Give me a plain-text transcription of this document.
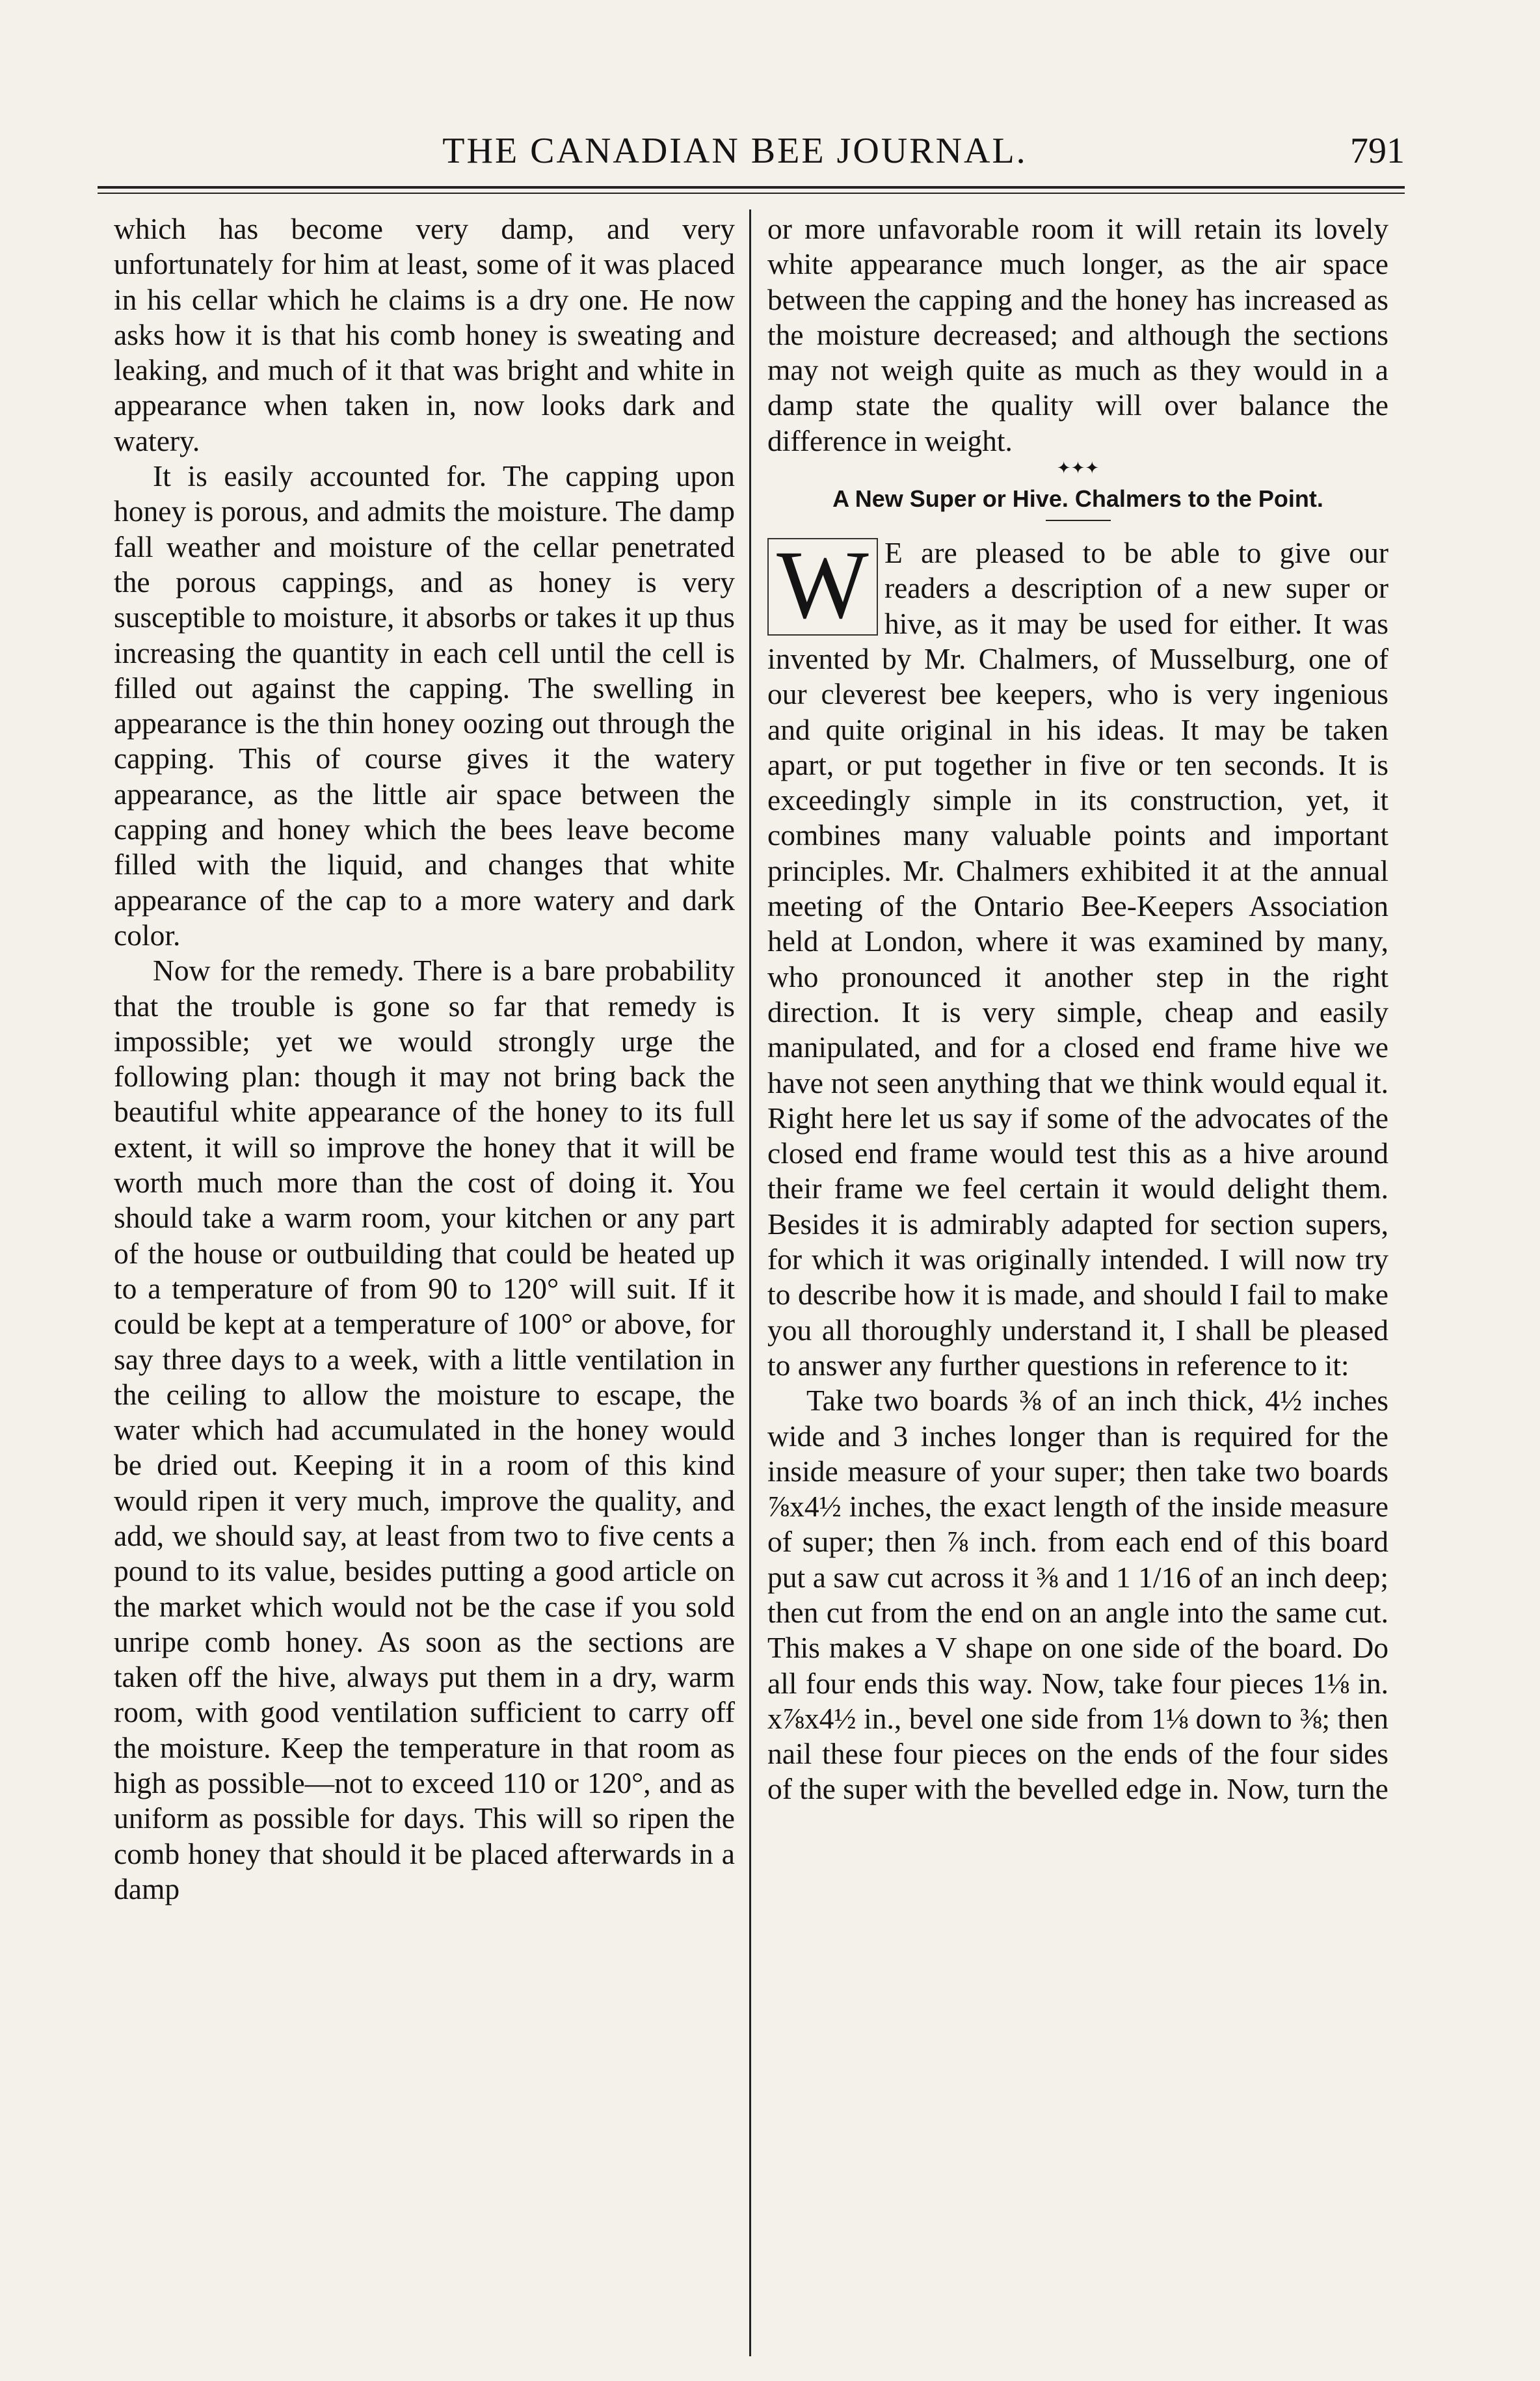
THE CANADIAN BEE JOURNAL.	791

which has become very damp, and very unfortunately for him at least, some of it was placed in his cellar which he claims is a dry one. He now asks how it is that his comb honey is sweating and leaking, and much of it that was bright and white in appearance when taken in, now looks dark and watery.

It is easily accounted for. The capping upon honey is porous, and admits the moisture. The damp fall weather and moisture of the cellar penetrated the porous cappings, and as honey is very susceptible to moisture, it absorbs or takes it up thus increasing the quantity in each cell until the cell is filled out against the capping. The swelling in appearance is the thin honey oozing out through the capping. This of course gives it the watery appearance, as the little air space between the capping and honey which the bees leave become filled with the liquid, and changes that white appearance of the cap to a more watery and dark color.

Now for the remedy. There is a bare probability that the trouble is gone so far that remedy is impossible; yet we would strongly urge the following plan: though it may not bring back the beautiful white appearance of the honey to its full extent, it will so improve the honey that it will be worth much more than the cost of doing it. You should take a warm room, your kitchen or any part of the house or outbuilding that could be heated up to a temperature of from 90 to 120° will suit. If it could be kept at a temperature of 100° or above, for say three days to a week, with a little ventilation in the ceiling to allow the moisture to escape, the water which had accumulated in the honey would be dried out. Keeping it in a room of this kind would ripen it very much, improve the quality, and add, we should say, at least from two to five cents a pound to its value, besides putting a good article on the market which would not be the case if you sold unripe comb honey. As soon as the sections are taken off the hive, always put them in a dry, warm room, with good ventilation sufficient to carry off the moisture. Keep the temperature in that room as high as possible—not to exceed 110 or 120°, and as uniform as possible for days. This will so ripen the comb honey that should it be placed afterwards in a damp

or more unfavorable room it will retain its lovely white appearance much longer, as the air space between the capping and the honey has increased as the moisture decreased; and although the sections may not weigh quite as much as they would in a damp state the quality will over balance the difference in weight.

✦✦✦

A New Super or Hive. Chalmers to the Point.
W E are pleased to be able to give our readers a description of a new super or hive, as it may be used for either. It was invented by Mr. Chalmers, of Musselburg, one of our cleverest bee keepers, who is very ingenious and quite original in his ideas. It may be taken apart, or put together in five or ten seconds. It is exceedingly simple in its construction, yet, it combines many valuable points and important principles. Mr. Chalmers exhibited it at the annual meeting of the Ontario Bee-Keepers Association held at London, where it was examined by many, who pronounced it another step in the right direction. It is very simple, cheap and easily manipulated, and for a closed end frame hive we have not seen anything that we think would equal it. Right here let us say if some of the advocates of the closed end frame would test this as a hive around their frame we feel certain it would delight them. Besides it is admirably adapted for section supers, for which it was originally intended. I will now try to describe how it is made, and should I fail to make you all thoroughly understand it, I shall be pleased to answer any further questions in reference to it:

Take two boards ⅜ of an inch thick, 4½ inches wide and 3 inches longer than is required for the inside measure of your super; then take two boards ⅞x4½ inches, the exact length of the inside measure of super; then ⅞ inch. from each end of this board put a saw cut across it ⅜ and 1 1/16 of an inch deep; then cut from the end on an angle into the same cut. This makes a V shape on one side of the board. Do all four ends this way. Now, take four pieces 1⅛ in. x⅞x4½ in., bevel one side from 1⅛ down to ⅜; then nail these four pieces on the ends of the four sides of the super with the bevelled edge in. Now, turn the
